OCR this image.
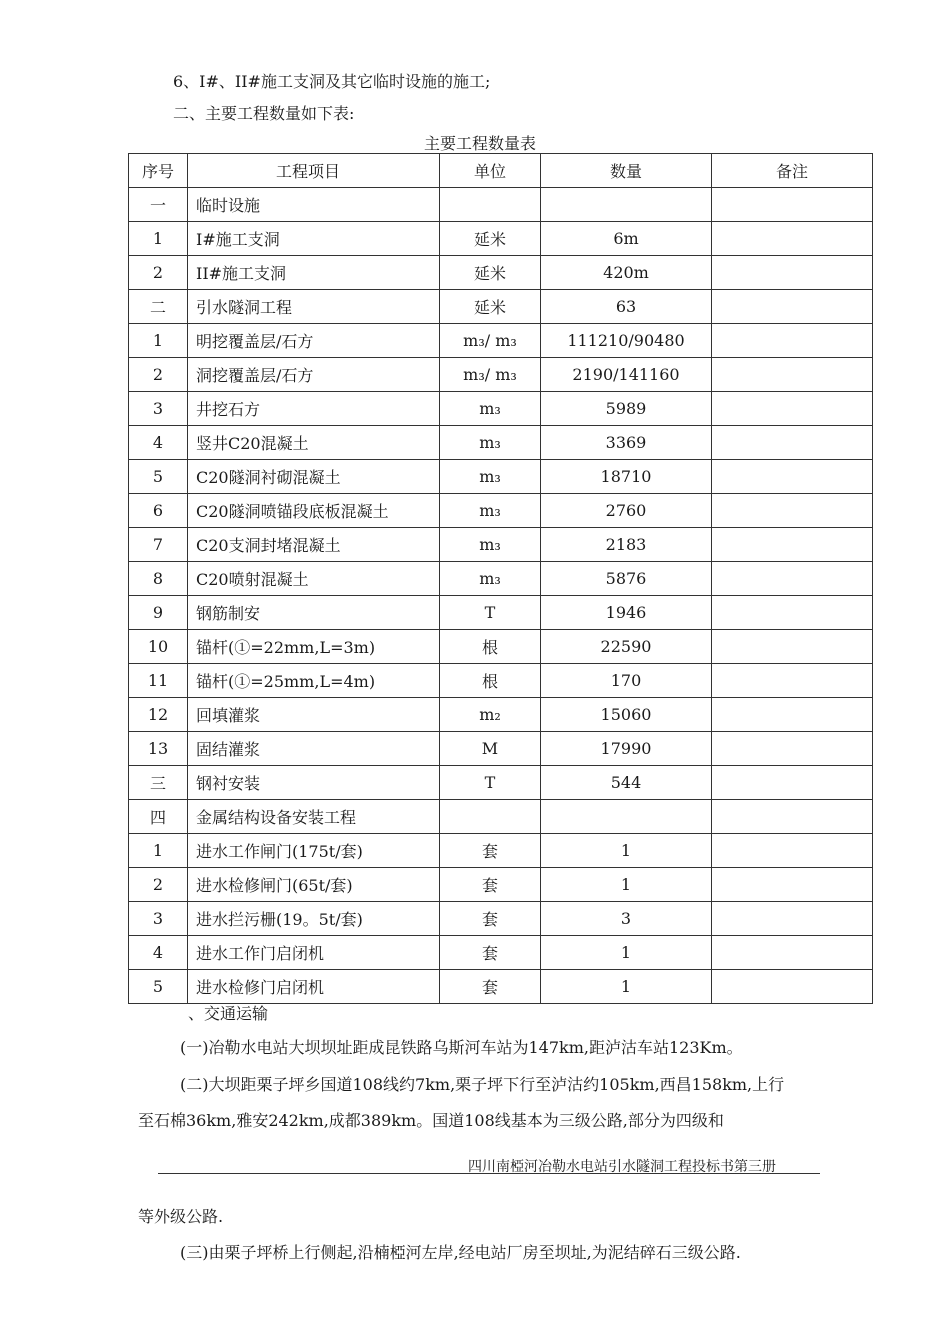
6、I#、II#施工支洞及其它临时设施的施工;
二、主要工程数量如下表:
主要工程数量表
序号	工程项目	单位	数量	备注
一	临时设施			
1	I#施工支洞	延米	6m	
2	II#施工支洞	延米	420m	
二	引水隧洞工程	延米	63	
1	明挖覆盖层/石方	m₃/ m₃	111210/90480	
2	洞挖覆盖层/石方	m₃/ m₃	2190/141160	
3	井挖石方	m₃	5989	
4	竖井C20混凝土	m₃	3369	
5	C20隧洞衬砌混凝土	m₃	18710	
6	C20隧洞喷锚段底板混凝土	m₃	2760	
7	C20支洞封堵混凝土	m₃	2183	
8	C20喷射混凝土	m₃	5876	
9	钢筋制安	T	1946	
10	锚杆(①=22mm,L=3m)	根	22590	
11	锚杆(①=25mm,L=4m)	根	170	
12	回填灌浆	m₂	15060	
13	固结灌浆	M	17990	
三	钢衬安装	T	544	
四	金属结构设备安装工程			
1	进水工作闸门(175t/套)	套	1	
2	进水检修闸门(65t/套)	套	1	
3	进水拦污栅(19。5t/套)	套	3	
4	进水工作门启闭机	套	1	
5	进水检修门启闭机	套	1	
、交通运输
(一)冶勒水电站大坝坝址距成昆铁路乌斯河车站为147km,距泸沽车站123Km。
(二)大坝距栗子坪乡国道108线约7km,栗子坪下行至泸沽约105km,西昌158km,上行
至石棉36km,雅安242km,成都389km。国道108线基本为三级公路,部分为四级和
四川南椏河冶勒水电站引水隧洞工程投标书第三册
等外级公路.
(三)由栗子坪桥上行侧起,沿楠椏河左岸,经电站厂房至坝址,为泥结碎石三级公路.
